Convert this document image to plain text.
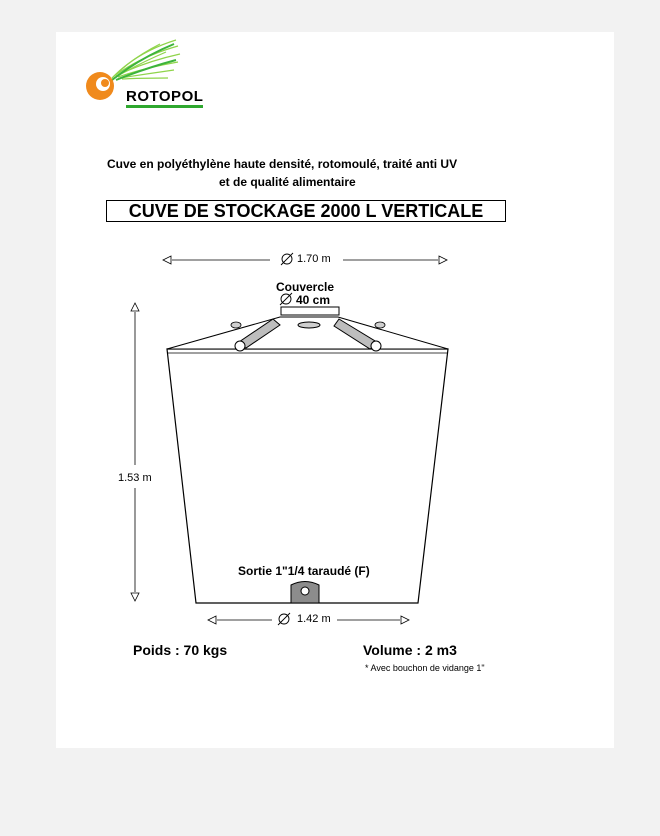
ROTOPOL
Cuve en polyéthylène haute densité, rotomoulé, traité anti UV
et de qualité alimentaire
CUVE DE STOCKAGE 2000 L VERTICALE
1.70 m
Couvercle
40 cm
1.53 m
Sortie 1"1/4 taraudé (F)
1.42 m
Poids : 70 kgs	Volume : 2 m3
* Avec bouchon de vidange 1"
